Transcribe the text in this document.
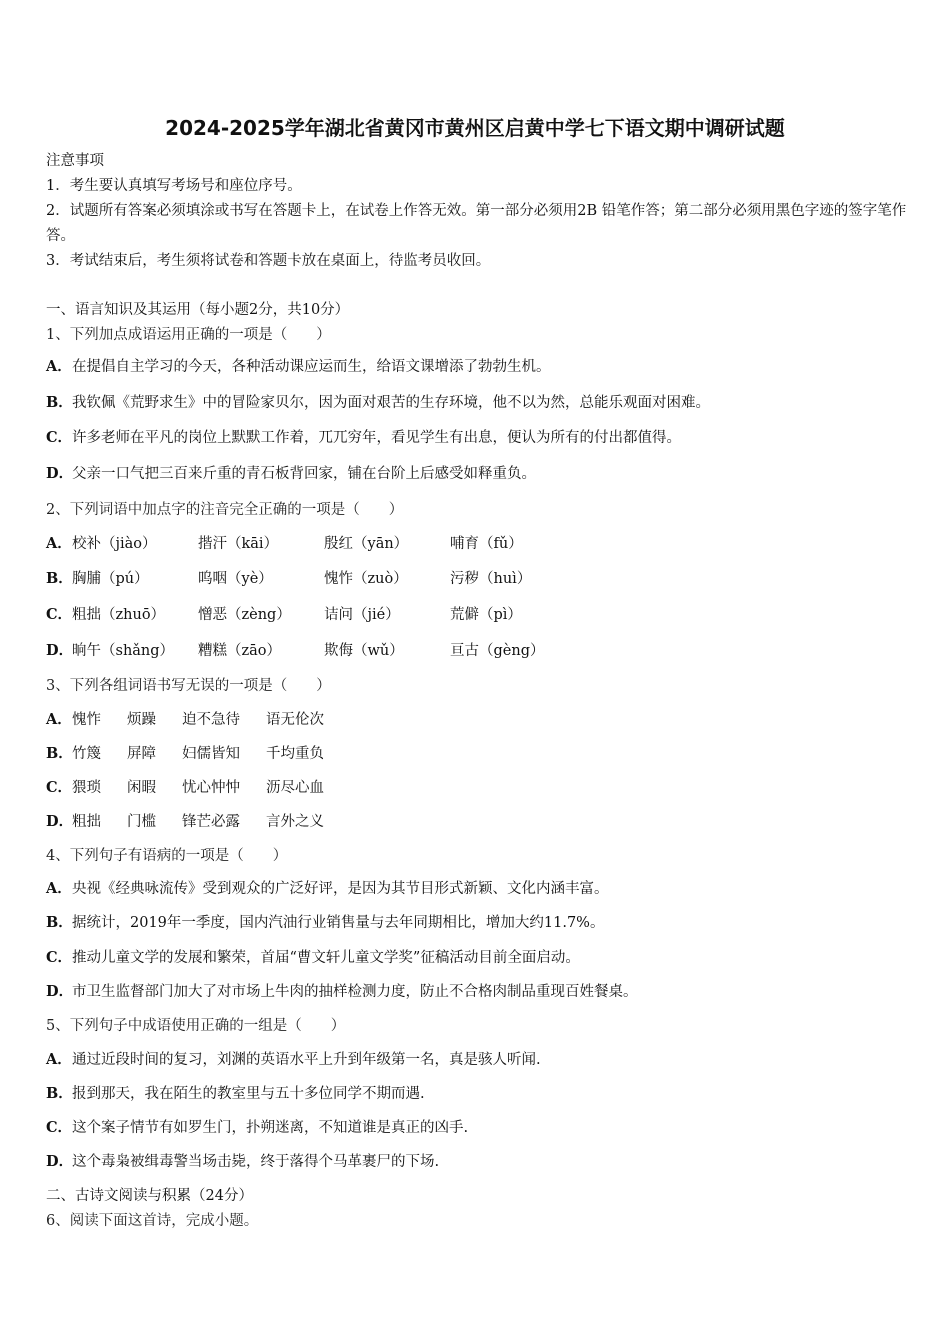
2024-2025学年湖北省黄冈市黄州区启黄中学七下语文期中调研试题
注意事项
1．考生要认真填写考场号和座位序号。
2．试题所有答案必须填涂或书写在答题卡上，在试卷上作答无效。第一部分必须用2B 铅笔作答；第二部分必须用黑色字迹的签字笔作答。
3．考试结束后，考生须将试卷和答题卡放在桌面上，待监考员收回。
一、语言知识及其运用（每小题2分，共10分）
1、下列加点成语运用正确的一项是（　　）
A．在提倡自主学习的今天，各种活动课应运而生，给语文课增添了勃勃生机。
B．我钦佩《荒野求生》中的冒险家贝尔，因为面对艰苦的生存环境，他不以为然，总能乐观面对困难。
C．许多老师在平凡的岗位上默默工作着，兀兀穷年，看见学生有出息，便认为所有的付出都值得。
D．父亲一口气把三百来斤重的青石板背回家，铺在台阶上后感受如释重负。
2、下列词语中加点字的注音完全正确的一项是（　　）
A．校补（jiào）	揩汗（kāi）	殷红（yān）	哺育（fǔ）
B．胸脯（pú）	呜咽（yè）	愧怍（zuò）	污秽（huì）
C．粗拙（zhuō） 憎恶（zèng） 诘问（jié）	荒僻（pì）
D．晌午（shǎng） 糟糕（zāo）	欺侮（wǔ）	亘古（gèng）
3、下列各组词语书写无误的一项是（　　）
A．愧怍 烦躁 迫不急待 语无伦次
B．竹篾 屏障 妇儒皆知 千均重负
C．猥琐 闲暇 忧心忡忡 沥尽心血
D．粗拙 门槛 锋芒必露 言外之义
4、下列句子有语病的一项是（　　）
A．央视《经典咏流传》受到观众的广泛好评，是因为其节目形式新颖、文化内涵丰富。
B．据统计，2019年一季度，国内汽油行业销售量与去年同期相比，增加大约11.7%。
C．推动儿童文学的发展和繁荣，首届“曹文轩儿童文学奖”征稿活动目前全面启动。
D．市卫生监督部门加大了对市场上牛肉的抽样检测力度，防止不合格肉制品重现百姓餐桌。
5、下列句子中成语使用正确的一组是（　　）
A．通过近段时间的复习，刘渊的英语水平上升到年级第一名，真是骇人听闻.
B．报到那天，我在陌生的教室里与五十多位同学不期而遇.
C．这个案子情节有如罗生门，扑朔迷离，不知道谁是真正的凶手.
D．这个毒枭被缉毒警当场击毙，终于落得个马革裹尸的下场.
二、古诗文阅读与积累（24分）
6、阅读下面这首诗，完成小题。
